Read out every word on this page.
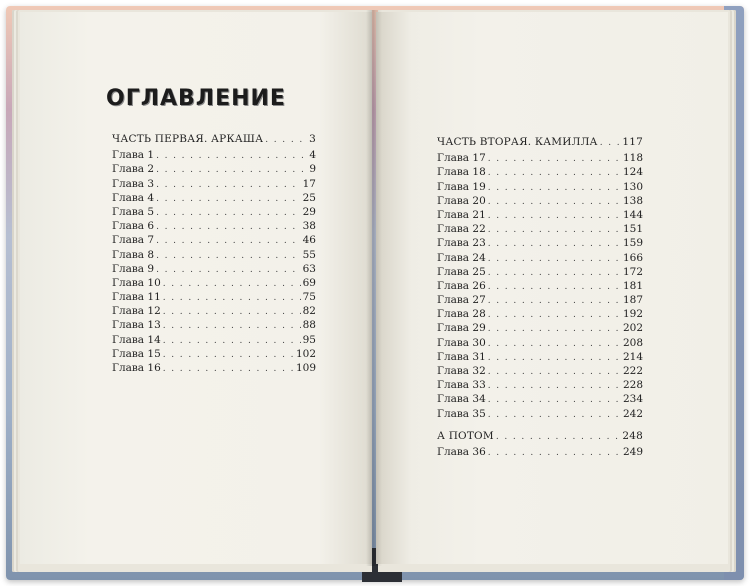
ОГЛАВЛЕНИЕ
ЧАСТЬ ПЕРВАЯ. АРКАША . . .	3
Глава 1 . . .	4
Глава 2 . . .	9
Глава 3 . . .	17
Глава 4 . . .	25
Глава 5 . . .	29
Глава 6 . . .	38
Глава 7 . . .	46
Глава 8 . . .	55
Глава 9 . . .	63
Глава 10 . . .	69
Глава 11 . . .	75
Глава 12 . . .	82
Глава 13 . . .	88
Глава 14 . . .	95
Глава 15 . . .	102
Глава 16 . . .	109
ЧАСТЬ ВТОРАЯ. КАМИЛЛА . . . 117
Глава 17 . . .	118
Глава 18 . . .	124
Глава 19 . . .	130
Глава 20 . . .	138
Глава 21 . . .	144
Глава 22 . . .	151
Глава 23 . . .	159
Глава 24 . . .	166
Глава 25 . . .	172
Глава 26 . . .	181
Глава 27 . . .	187
Глава 28 . . .	192
Глава 29 . . .	202
Глава 30 . . .	208
Глава 31 . . .	214
Глава 32 . . .	222
Глава 33 . . .	228
Глава 34 . . .	234
Глава 35 . . .	242
А ПОТОМ . . .	248
Глава 36 . . .	249
